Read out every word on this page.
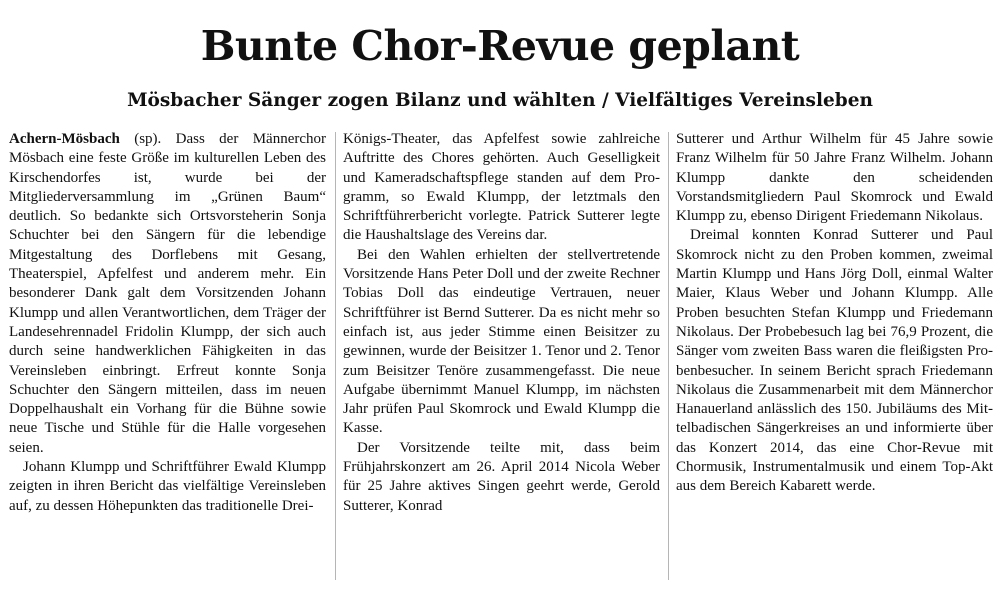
Bunte Chor-Revue geplant
Mösbacher Sänger zogen Bilanz und wählten / Vielfältiges Vereinsleben

Achern-Mösbach (sp). Dass der Männerchor Mösbach eine feste Größe im kulturellen Leben des Kirschendorfes ist, wurde bei der Mitgliederversammlung im „Grünen Baum“ deutlich. So bedankte sich Ortsvorsteherin Sonja Schuchter bei den Sängern für die lebendige Mitgestaltung des Dorflebens mit Gesang, Theaterspiel, Apfelfest und anderem mehr. Ein besonderer Dank galt dem Vorsitzenden Johann Klumpp und allen Verantwortlichen, dem Träger der Landesehrennadel Fridolin Klumpp, der sich auch durch seine handwerklichen Fähigkeiten in das Vereinsleben einbringt. Erfreut konnte Sonja Schuchter den Sängern mitteilen, dass im neuen Doppelhaushalt ein Vorhang für die Bühne sowie neue Tische und Stühle für die Halle vorgesehen seien.

Johann Klumpp und Schriftführer Ewald Klumpp zeigten in ihren Bericht das vielfältige Vereinsleben auf, zu dessen Höhepunkten das traditionelle Drei-

Königs-Theater, das Apfelfest sowie zahlreiche Auftritte des Chores gehörten. Auch Geselligkeit und Kameradschaftspflege standen auf dem Programm, so Ewald Klumpp, der letztmals den Schriftführerbericht vorlegte. Patrick Sutterer legte die Haushaltslage des Vereins dar.

Bei den Wahlen erhielten der stellvertretende Vorsitzende Hans Peter Doll und der zweite Rechner Tobias Doll das eindeutige Vertrauen, neuer Schriftführer ist Bernd Sutterer. Da es nicht mehr so einfach ist, aus jeder Stimme einen Beisitzer zu gewinnen, wurde der Beisitzer 1. Tenor und 2. Tenor zum Beisitzer Tenöre zusammengefasst. Die neue Aufgabe übernimmt Manuel Klumpp, im nächsten Jahr prüfen Paul Skomrock und Ewald Klumpp die Kasse.

Der Vorsitzende teilte mit, dass beim Frühjahrskonzert am 26. April 2014 Nicola Weber für 25 Jahre aktives Singen geehrt werde, Gerold Sutterer, Konrad

Sutterer und Arthur Wilhelm für 45 Jahre sowie Franz Wilhelm für 50 Jahre Franz Wilhelm. Johann Klumpp dankte den scheidenden Vorstandsmitgliedern Paul Skomrock und Ewald Klumpp zu, ebenso Dirigent Friedemann Nikolaus.

Dreimal konnten Konrad Sutterer und Paul Skomrock nicht zu den Proben kommen, zweimal Martin Klumpp und Hans Jörg Doll, einmal Walter Maier, Klaus Weber und Johann Klumpp. Alle Proben besuchten Stefan Klumpp und Friedemann Nikolaus. Der Probebesuch lag bei 76,9 Prozent, die Sänger vom zweiten Bass waren die fleißigsten Probenbesucher. In seinem Bericht sprach Friedemann Nikolaus die Zusammenarbeit mit dem Männerchor Hanauerland anlässlich des 150. Jubiläums des Mittelbadischen Sängerkreises an und informierte über das Konzert 2014, das eine Chor-Revue mit Chormusik, Instrumentalmusik und einem Top-Akt aus dem Bereich Kabarett werde.
